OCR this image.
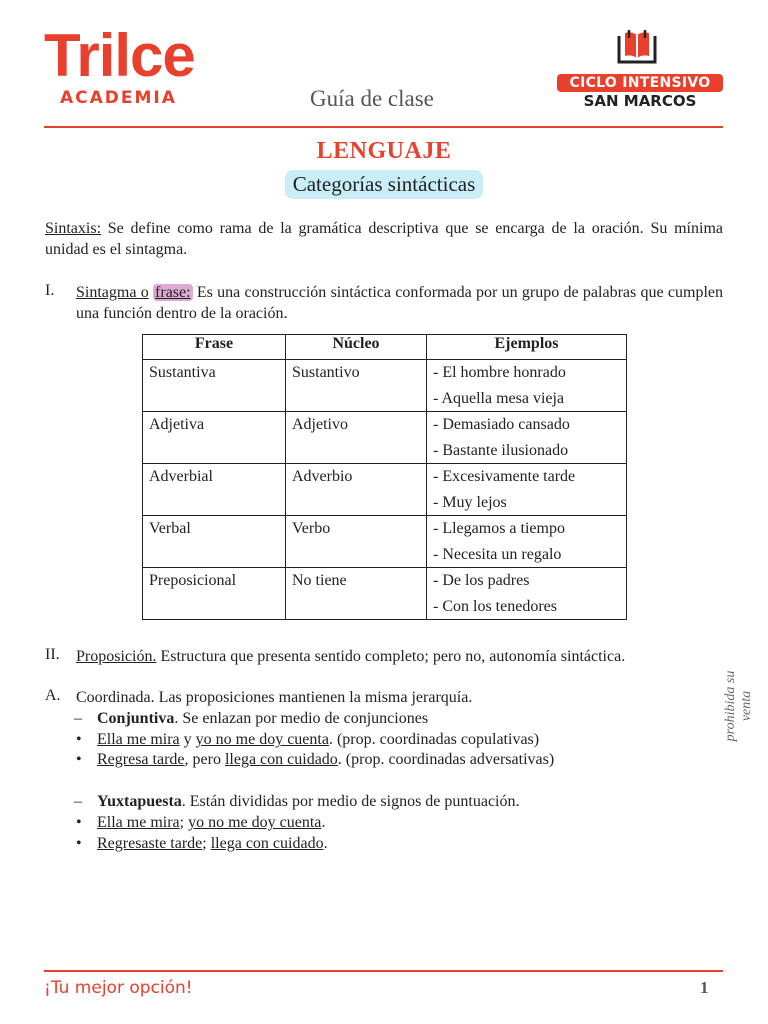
Trilce
ACADEMIA	Guía de clase
CICLO INTENSIVO
SAN MARCOS
LENGUAJE
Categorías sintácticas
Sintaxis: Se define como rama de la gramática descriptiva que se encarga de la oración. Su mínima unidad es el sintagma.
I. Sintagma o frase: Es una construcción sintáctica conformada por un grupo de palabras que cumplen una función dentro de la oración.
Frase	Núcleo	Ejemplos
Sustantiva	Sustantivo	- El hombre honrado
- Aquella mesa vieja

Adjetiva	Adjetivo	- Demasiado cansado
- Bastante ilusionado

Adverbial	Adverbio	- Excesivamente tarde
- Muy lejos

Verbal	Verbo	- Llegamos a tiempo
- Necesita un regalo

Preposicional	No tiene	- De los padres
- Con los tenedores
II. Proposición. Estructura que presenta sentido completo; pero no, autonomía sintáctica.
A. Coordinada. Las proposiciones mantienen la misma jerarquía.
– Conjuntiva. Se enlazan por medio de conjunciones
• Ella me mira y yo no me doy cuenta. (prop. coordinadas copulativas)
• Regresa tarde, pero llega con cuidado. (prop. coordinadas adversativas)
– Yuxtapuesta. Están divididas por medio de signos de puntuación.
• Ella me mira; yo no me doy cuenta.
• Regresaste tarde; llega con cuidado.
prohibida su venta
¡Tu mejor opción!	1
